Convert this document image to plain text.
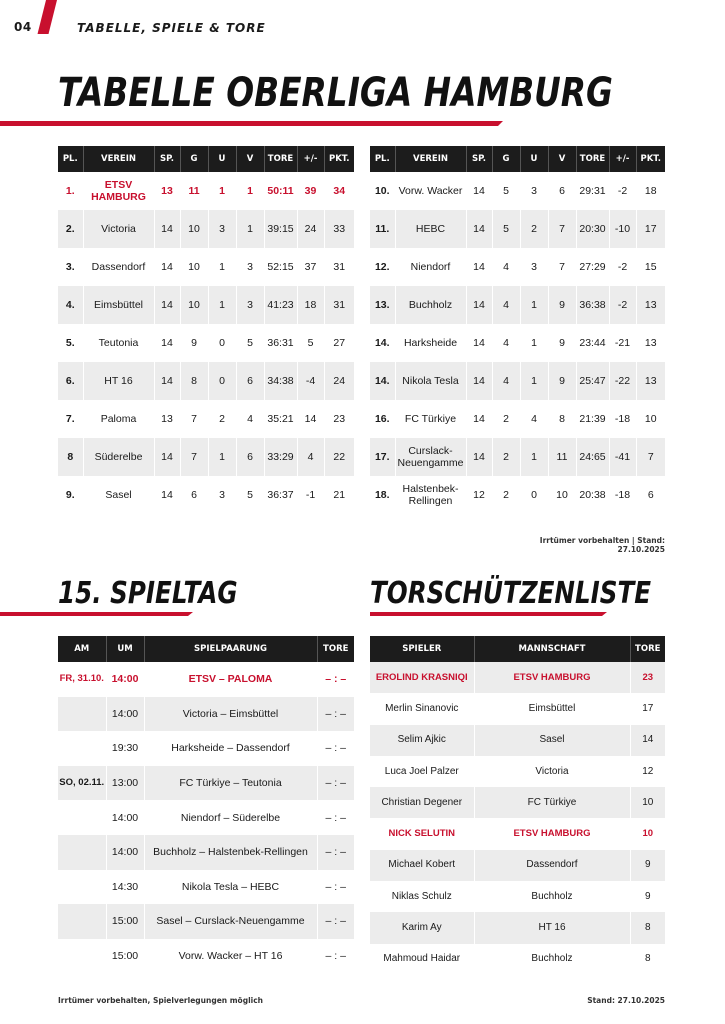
04	TABELLE, SPIELE & TORE
TABELLE OBERLIGA HAMBURG
PL.	VEREIN	SP.	G	U	V	TORE	+/-	PKT.
1.	ETSV HAMBURG	13	11	1	1	50:11	39	34
2.	Victoria	14	10	3	1	39:15	24	33
3.	Dassendorf	14	10	1	3	52:15	37	31
4.	Eimsbüttel	14	10	1	3	41:23	18	31
5.	Teutonia	14	9	0	5	36:31	5	27
6.	HT 16	14	8	0	6	34:38	-4	24
7.	Paloma	13	7	2	4	35:21	14	23
8	Süderelbe	14	7	1	6	33:29	4	22
9.	Sasel	14	6	3	5	36:37	-1	21
PL.	VEREIN	SP.	G	U	V	TORE	+/-	PKT.
10.	Vorw. Wacker	14	5	3	6	29:31	-2	18
11.	HEBC	14	5	2	7	20:30	-10	17
12.	Niendorf	14	4	3	7	27:29	-2	15
13.	Buchholz	14	4	1	9	36:38	-2	13
14.	Harksheide	14	4	1	9	23:44	-21	13
14.	Nikola Tesla	14	4	1	9	25:47	-22	13
16.	FC Türkiye	14	2	4	8	21:39	-18	10
17.	Curslack-Neuengamme	14	2	1	11	24:65	-41	7
18.	Halstenbek-Rellingen	12	2	0	10	20:38	-18	6
Irrtümer vorbehalten | Stand: 27.10.2025
15. SPIELTAG
AM	UM	SPIELPAARUNG	TORE
FR, 31.10.	14:00	ETSV – PALOMA	– : –
	14:00	Victoria – Eimsbüttel	– : –
	19:30	Harksheide – Dassendorf	– : –
SO, 02.11.	13:00	FC Türkiye – Teutonia	– : –
	14:00	Niendorf – Süderelbe	– : –
	14:00	Buchholz – Halstenbek-Rellingen	– : –
	14:30	Nikola Tesla – HEBC	– : –
	15:00	Sasel – Curslack-Neuengamme	– : –
	15:00	Vorw. Wacker – HT 16	– : –
TORSCHÜTZENLISTE
SPIELER	MANNSCHAFT	TORE
EROLIND KRASNIQI	ETSV HAMBURG	23
Merlin Sinanovic	Eimsbüttel	17
Selim Ajkic	Sasel	14
Luca Joel Palzer	Victoria	12
Christian Degener	FC Türkiye	10
NICK SELUTIN	ETSV HAMBURG	10
Michael Kobert	Dassendorf	9
Niklas Schulz	Buchholz	9
Karim Ay	HT 16	8
Mahmoud Haidar	Buchholz	8
Irrtümer vorbehalten, Spielverlegungen möglich	Stand: 27.10.2025
